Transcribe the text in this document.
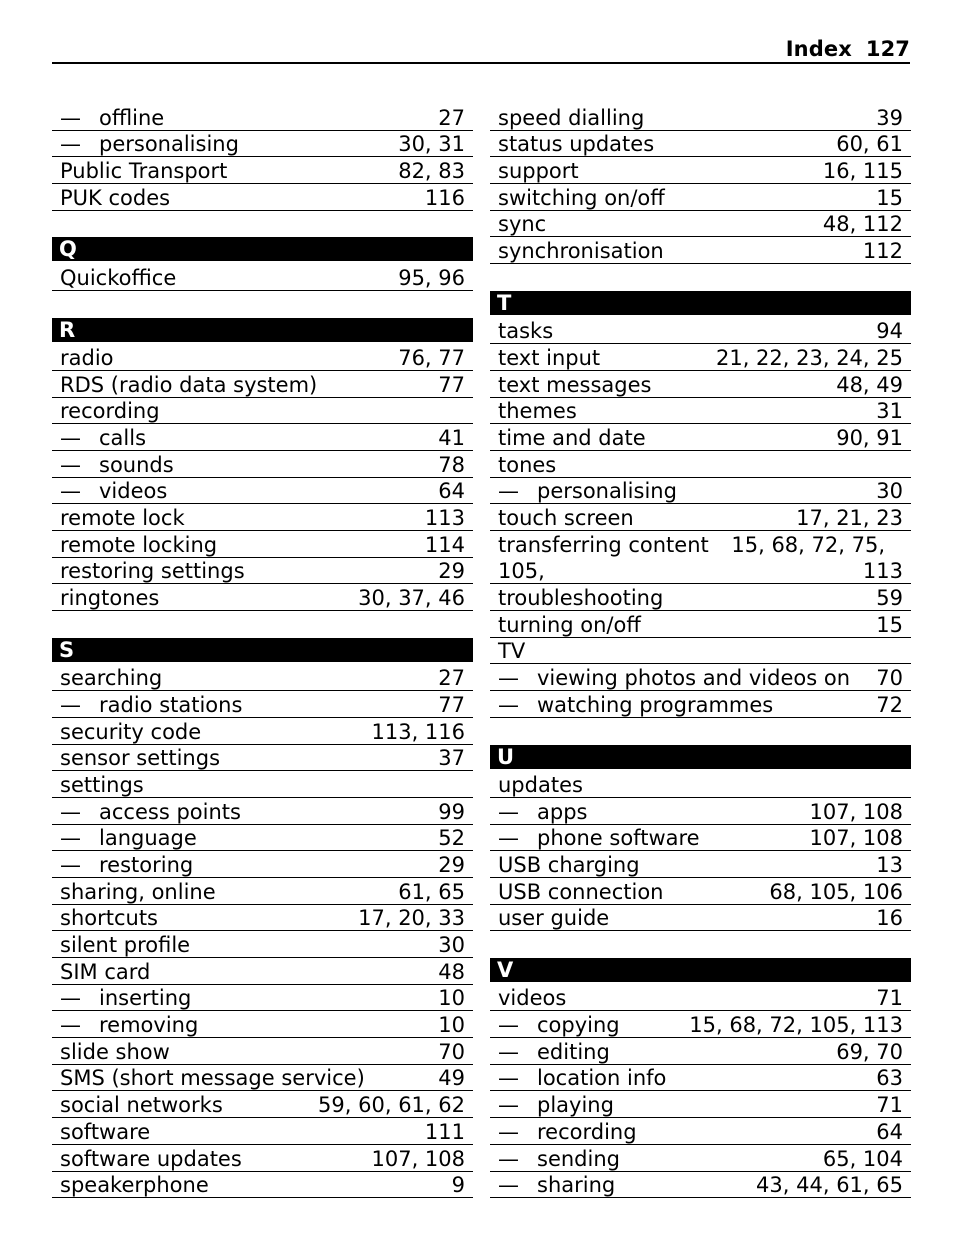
Index 127
— offline	27
— personalising	30, 31
Public Transport	82, 83
PUK codes	116
Q
Quickoffice	95, 96
R
radio	76, 77
RDS (radio data system)	77
recording
— calls	41
— sounds	78
— videos	64
remote lock	113
remote locking	114
restoring settings	29
ringtones	30, 37, 46
S
searching	27
— radio stations	77
security code	113, 116
sensor settings	37
settings
— access points	99
— language	52
— restoring	29
sharing, online	61, 65
shortcuts	17, 20, 33
silent profile	30
SIM card	48
— inserting	10
— removing	10
slide show	70
SMS (short message service)	49
social networks	59, 60, 61, 62
software	111
software updates	107, 108
speakerphone	9
speed dialling	39
status updates	60, 61
support	16, 115
switching on/off	15
sync	48, 112
synchronisation	112
T
tasks	94
text input	21, 22, 23, 24, 25
text messages	48, 49
themes	31
time and date	90, 91
tones
— personalising	30
touch screen	17, 21, 23
transferring content	15, 68, 72, 75,
105,	113
troubleshooting	59
turning on/off	15
TV
— viewing photos and videos on 70
— watching programmes	72
U
updates
— apps	107, 108
— phone software	107, 108
USB charging	13
USB connection	68, 105, 106
user guide	16
V
videos	71
— copying	15, 68, 72, 105, 113
— editing	69, 70
— location info	63
— playing	71
— recording	64
— sending	65, 104
— sharing	43, 44, 61, 65
